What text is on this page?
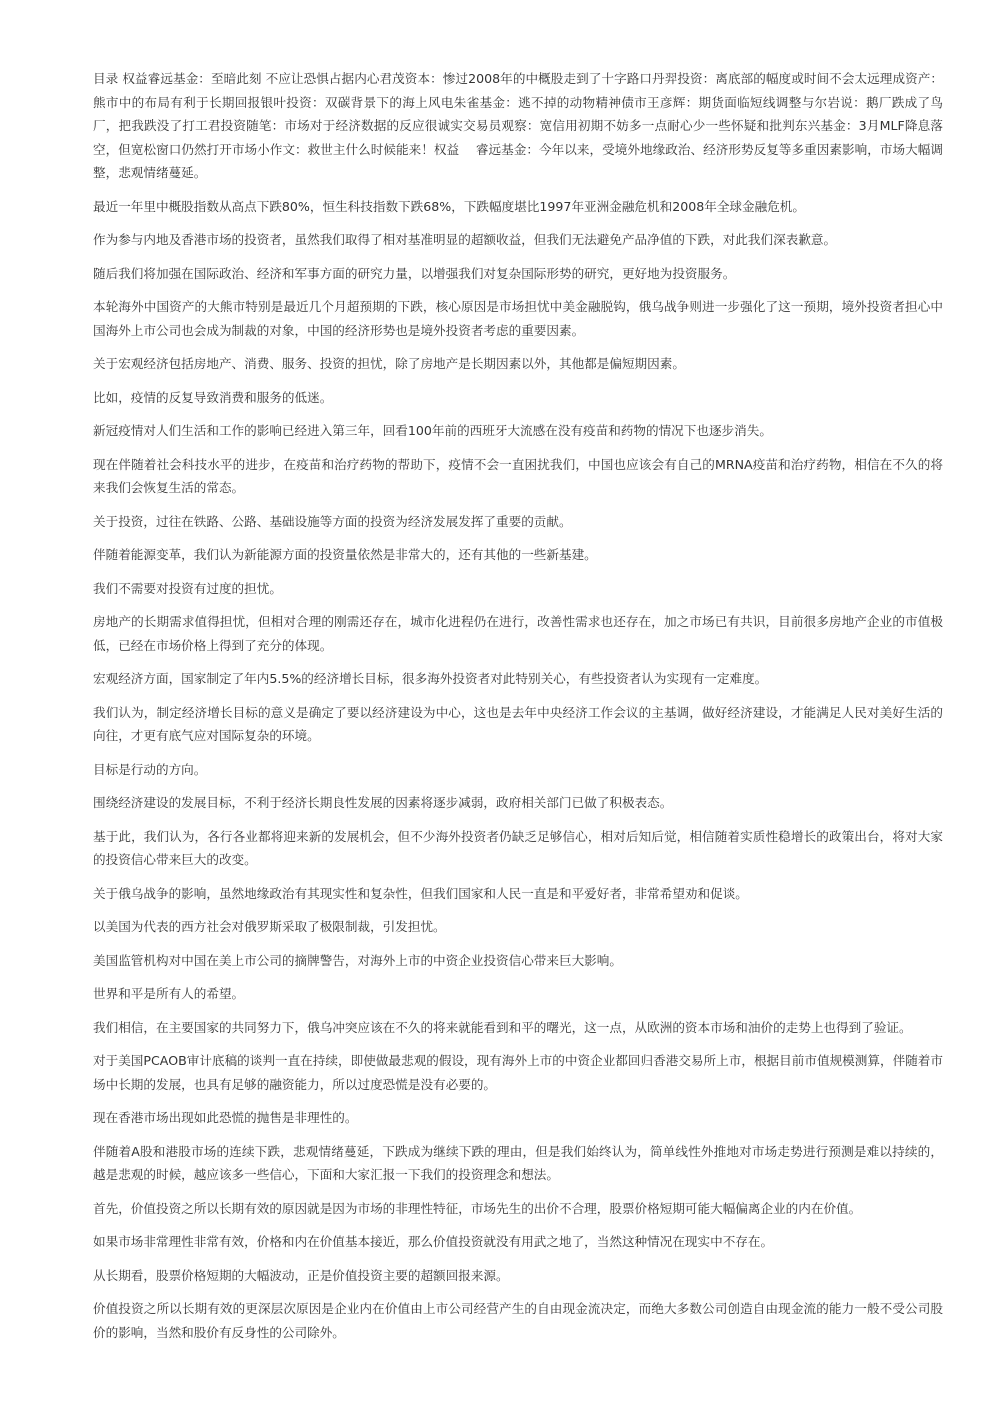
目录 权益睿远基金：至暗此刻 不应让恐惧占据内心君茂资本：惨过2008年的中概股走到了十字路口丹羿投资：离底部的幅度或时间不会太远理成资产：熊市中的布局有利于长期回报银叶投资：双碳背景下的海上风电朱雀基金：逃不掉的动物精神债市王彦辉：期货面临短线调整与尔岩说：鹅厂跌成了鸟厂，把我跌没了打工君投资随笔：市场对于经济数据的反应很诚实交易员观察：宽信用初期不妨多一点耐心少一些怀疑和批判东兴基金：3月MLF降息落空，但宽松窗口仍然打开市场小作文：救世主什么时候能来！权益　 睿远基金：今年以来，受境外地缘政治、经济形势反复等多重因素影响，市场大幅调整，悲观情绪蔓延。

最近一年里中概股指数从高点下跌80%，恒生科技指数下跌68%，下跌幅度堪比1997年亚洲金融危机和2008年全球金融危机。

作为参与内地及香港市场的投资者，虽然我们取得了相对基准明显的超额收益，但我们无法避免产品净值的下跌，对此我们深表歉意。

随后我们将加强在国际政治、经济和军事方面的研究力量，以增强我们对复杂国际形势的研究，更好地为投资服务。

本轮海外中国资产的大熊市特别是最近几个月超预期的下跌，核心原因是市场担忧中美金融脱钩，俄乌战争则进一步强化了这一预期，境外投资者担心中国海外上市公司也会成为制裁的对象，中国的经济形势也是境外投资者考虑的重要因素。

关于宏观经济包括房地产、消费、服务、投资的担忧，除了房地产是长期因素以外，其他都是偏短期因素。

比如，疫情的反复导致消费和服务的低迷。

新冠疫情对人们生活和工作的影响已经进入第三年，回看100年前的西班牙大流感在没有疫苗和药物的情况下也逐步消失。

现在伴随着社会科技水平的进步，在疫苗和治疗药物的帮助下，疫情不会一直困扰我们，中国也应该会有自己的MRNA疫苗和治疗药物，相信在不久的将来我们会恢复生活的常态。

关于投资，过往在铁路、公路、基础设施等方面的投资为经济发展发挥了重要的贡献。

伴随着能源变革，我们认为新能源方面的投资量依然是非常大的，还有其他的一些新基建。

我们不需要对投资有过度的担忧。

房地产的长期需求值得担忧，但相对合理的刚需还存在，城市化进程仍在进行，改善性需求也还存在，加之市场已有共识，目前很多房地产企业的市值极低，已经在市场价格上得到了充分的体现。

宏观经济方面，国家制定了年内5.5%的经济增长目标，很多海外投资者对此特别关心，有些投资者认为实现有一定难度。

我们认为，制定经济增长目标的意义是确定了要以经济建设为中心，这也是去年中央经济工作会议的主基调，做好经济建设，才能满足人民对美好生活的向往，才更有底气应对国际复杂的环境。

目标是行动的方向。

围绕经济建设的发展目标，不利于经济长期良性发展的因素将逐步减弱，政府相关部门已做了积极表态。

基于此，我们认为，各行各业都将迎来新的发展机会，但不少海外投资者仍缺乏足够信心，相对后知后觉，相信随着实质性稳增长的政策出台，将对大家的投资信心带来巨大的改变。

关于俄乌战争的影响，虽然地缘政治有其现实性和复杂性，但我们国家和人民一直是和平爱好者，非常希望劝和促谈。

以美国为代表的西方社会对俄罗斯采取了极限制裁，引发担忧。

美国监管机构对中国在美上市公司的摘牌警告，对海外上市的中资企业投资信心带来巨大影响。

世界和平是所有人的希望。

我们相信，在主要国家的共同努力下，俄乌冲突应该在不久的将来就能看到和平的曙光，这一点，从欧洲的资本市场和油价的走势上也得到了验证。

对于美国PCAOB审计底稿的谈判一直在持续，即使做最悲观的假设，现有海外上市的中资企业都回归香港交易所上市，根据目前市值规模测算，伴随着市场中长期的发展，也具有足够的融资能力，所以过度恐慌是没有必要的。

现在香港市场出现如此恐慌的抛售是非理性的。

伴随着A股和港股市场的连续下跌，悲观情绪蔓延，下跌成为继续下跌的理由，但是我们始终认为，简单线性外推地对市场走势进行预测是难以持续的，越是悲观的时候，越应该多一些信心，下面和大家汇报一下我们的投资理念和想法。

首先，价值投资之所以长期有效的原因就是因为市场的非理性特征，市场先生的出价不合理，股票价格短期可能大幅偏离企业的内在价值。

如果市场非常理性非常有效，价格和内在价值基本接近，那么价值投资就没有用武之地了，当然这种情况在现实中不存在。

从长期看，股票价格短期的大幅波动，正是价值投资主要的超额回报来源。

价值投资之所以长期有效的更深层次原因是企业内在价值由上市公司经营产生的自由现金流决定，而绝大多数公司创造自由现金流的能力一般不受公司股价的影响，当然和股价有反身性的公司除外。
